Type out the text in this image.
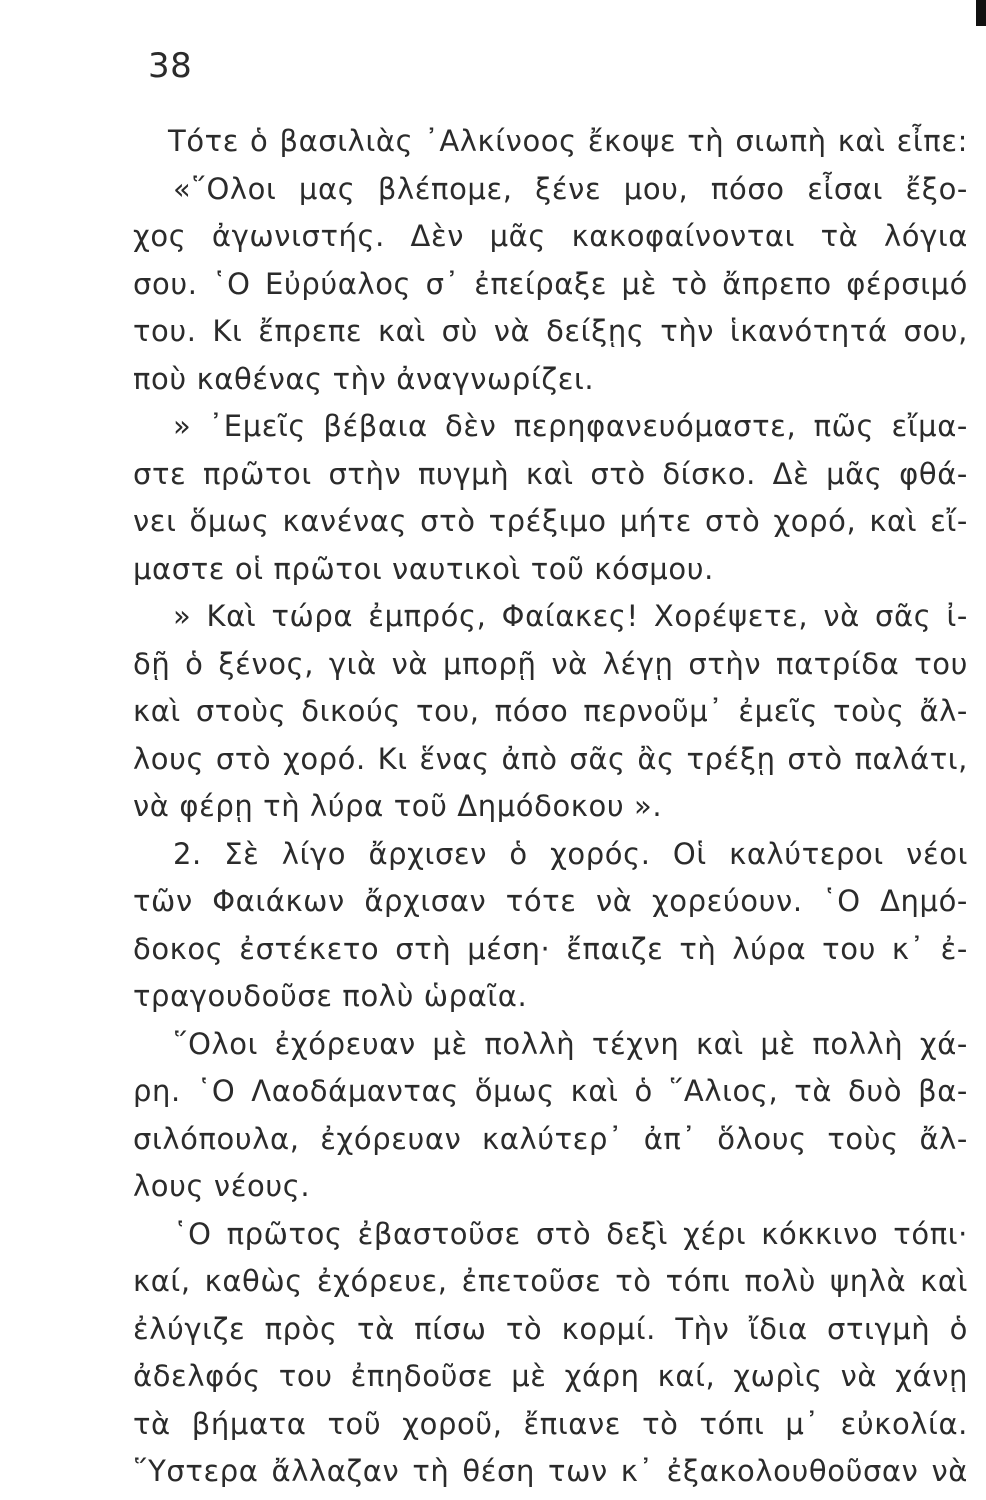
38
Τότε ὁ βασιλιὰς ᾿Αλκίνοος ἔκοψε τὴ σιωπὴ καὶ εἶπε:
«῞Ολοι μας βλέπομε, ξένε μου, πόσο εἶσαι ἔξο-
χος ἀγωνιστής. Δὲν μᾶς κακοφαίνονται τὰ λόγια
σου. ῾Ο Εὐρύαλος σ᾿ ἐπείραξε μὲ τὸ ἄπρεπο φέρσιμό
του. Κι ἔπρεπε καὶ σὺ νὰ δείξῃς τὴν ἱκανότητά σου,
ποὺ καθένας τὴν ἀναγνωρίζει.
» ᾿Εμεῖς βέβαια δὲν περηφανευόμαστε, πῶς εἴμα-
στε πρῶτοι στὴν πυγμὴ καὶ στὸ δίσκο. Δὲ μᾶς φθά-
νει ὅμως κανένας στὸ τρέξιμο μήτε στὸ χορό, καὶ εἴ-
μαστε οἱ πρῶτοι ναυτικοὶ τοῦ κόσμου.
» Καὶ τώρα ἐμπρός, Φαίακες! Χορέψετε, νὰ σᾶς ἰ-
δῇ ὁ ξένος, γιὰ νὰ μπορῇ νὰ λέγῃ στὴν πατρίδα του
καὶ στοὺς δικούς του, πόσο περνοῦμ᾿ ἐμεῖς τοὺς ἄλ-
λους στὸ χορό. Κι ἕνας ἀπὸ σᾶς ἂς τρέξῃ στὸ παλάτι,
νὰ φέρῃ τὴ λύρα τοῦ Δημόδοκου ».
2. Σὲ λίγο ἄρχισεν ὁ χορός. Οἱ καλύτεροι νέοι
τῶν Φαιάκων ἄρχισαν τότε νὰ χορεύουν. ῾Ο Δημό-
δοκος ἐστέκετο στὴ μέση· ἔπαιζε τὴ λύρα του κ᾿ ἐ-
τραγουδοῦσε πολὺ ὡραῖα.
῞Ολοι ἐχόρευαν μὲ πολλὴ τέχνη καὶ μὲ πολλὴ χά-
ρη. ῾Ο Λαοδάμαντας ὅμως καὶ ὁ ῞Αλιος, τὰ δυὸ βα-
σιλόπουλα, ἐχόρευαν καλύτερ᾿ ἀπ᾿ ὅλους τοὺς ἄλ-
λους νέους.
῾Ο πρῶτος ἐβαστοῦσε στὸ δεξὶ χέρι κόκκινο τόπι·
καί, καθὼς ἐχόρευε, ἐπετοῦσε τὸ τόπι πολὺ ψηλὰ καὶ
ἐλύγιζε πρὸς τὰ πίσω τὸ κορμί. Τὴν ἴδια στιγμὴ ὁ
ἀδελφός του ἐπηδοῦσε μὲ χάρη καί, χωρὶς νὰ χάνῃ
τὰ βήματα τοῦ χοροῦ, ἔπιανε τὸ τόπι μ᾿ εὐκολία.
῞Υστερα ἄλλαζαν τὴ θέση των κ᾿ ἐξακολουθοῦσαν νὰ
